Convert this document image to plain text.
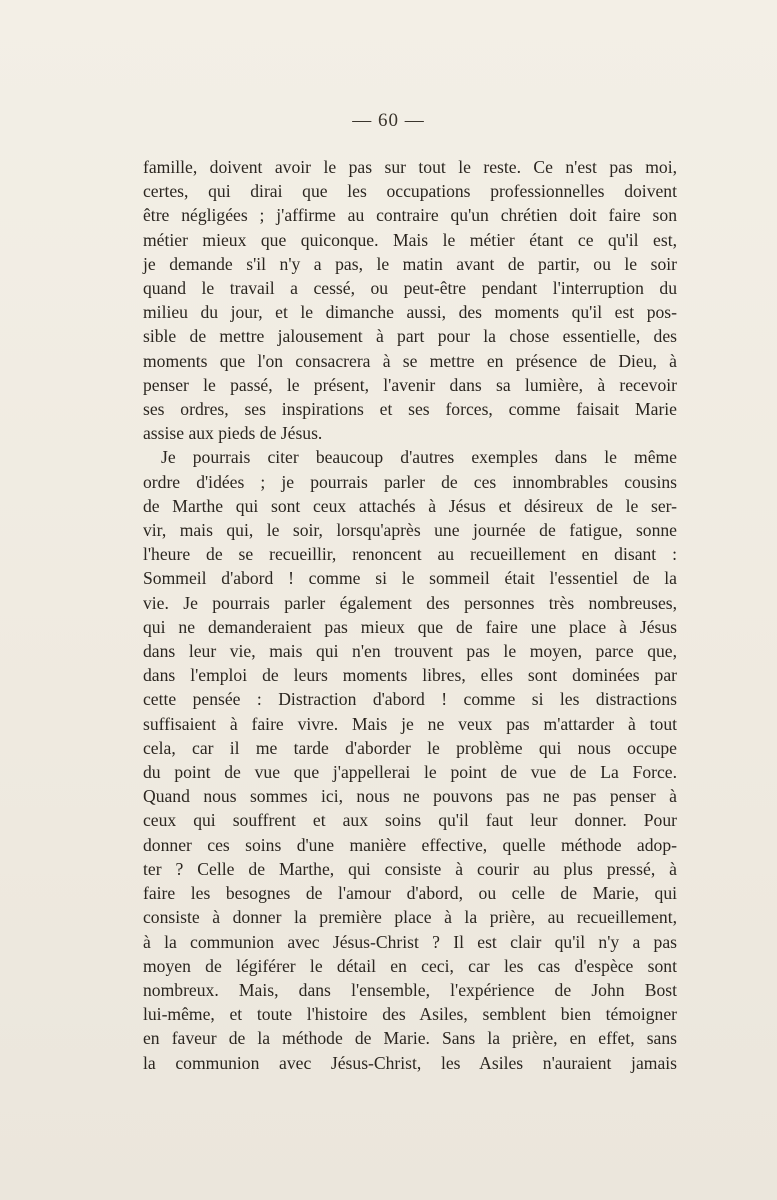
— 60 —
famille, doivent avoir le pas sur tout le reste. Ce n'est pas moi,
certes, qui dirai que les occupations professionnelles doivent
être négligées ; j'affirme au contraire qu'un chrétien doit faire son
métier mieux que quiconque. Mais le métier étant ce qu'il est,
je demande s'il n'y a pas, le matin avant de partir, ou le soir
quand le travail a cessé, ou peut-être pendant l'interruption du
milieu du jour, et le dimanche aussi, des moments qu'il est pos-
sible de mettre jalousement à part pour la chose essentielle, des
moments que l'on consacrera à se mettre en présence de Dieu, à
penser le passé, le présent, l'avenir dans sa lumière, à recevoir
ses ordres, ses inspirations et ses forces, comme faisait Marie
assise aux pieds de Jésus.
Je pourrais citer beaucoup d'autres exemples dans le même
ordre d'idées ; je pourrais parler de ces innombrables cousins
de Marthe qui sont ceux attachés à Jésus et désireux de le ser-
vir, mais qui, le soir, lorsqu'après une journée de fatigue, sonne
l'heure de se recueillir, renoncent au recueillement en disant :
Sommeil d'abord ! comme si le sommeil était l'essentiel de la
vie. Je pourrais parler également des personnes très nombreuses,
qui ne demanderaient pas mieux que de faire une place à Jésus
dans leur vie, mais qui n'en trouvent pas le moyen, parce que,
dans l'emploi de leurs moments libres, elles sont dominées par
cette pensée : Distraction d'abord ! comme si les distractions
suffisaient à faire vivre. Mais je ne veux pas m'attarder à tout
cela, car il me tarde d'aborder le problème qui nous occupe
du point de vue que j'appellerai le point de vue de La Force.
Quand nous sommes ici, nous ne pouvons pas ne pas penser à
ceux qui souffrent et aux soins qu'il faut leur donner. Pour
donner ces soins d'une manière effective, quelle méthode adop-
ter ? Celle de Marthe, qui consiste à courir au plus pressé, à
faire les besognes de l'amour d'abord, ou celle de Marie, qui
consiste à donner la première place à la prière, au recueillement,
à la communion avec Jésus-Christ ? Il est clair qu'il n'y a pas
moyen de légiférer le détail en ceci, car les cas d'espèce sont
nombreux. Mais, dans l'ensemble, l'expérience de John Bost
lui-même, et toute l'histoire des Asiles, semblent bien témoigner
en faveur de la méthode de Marie. Sans la prière, en effet, sans
la communion avec Jésus-Christ, les Asiles n'auraient jamais
